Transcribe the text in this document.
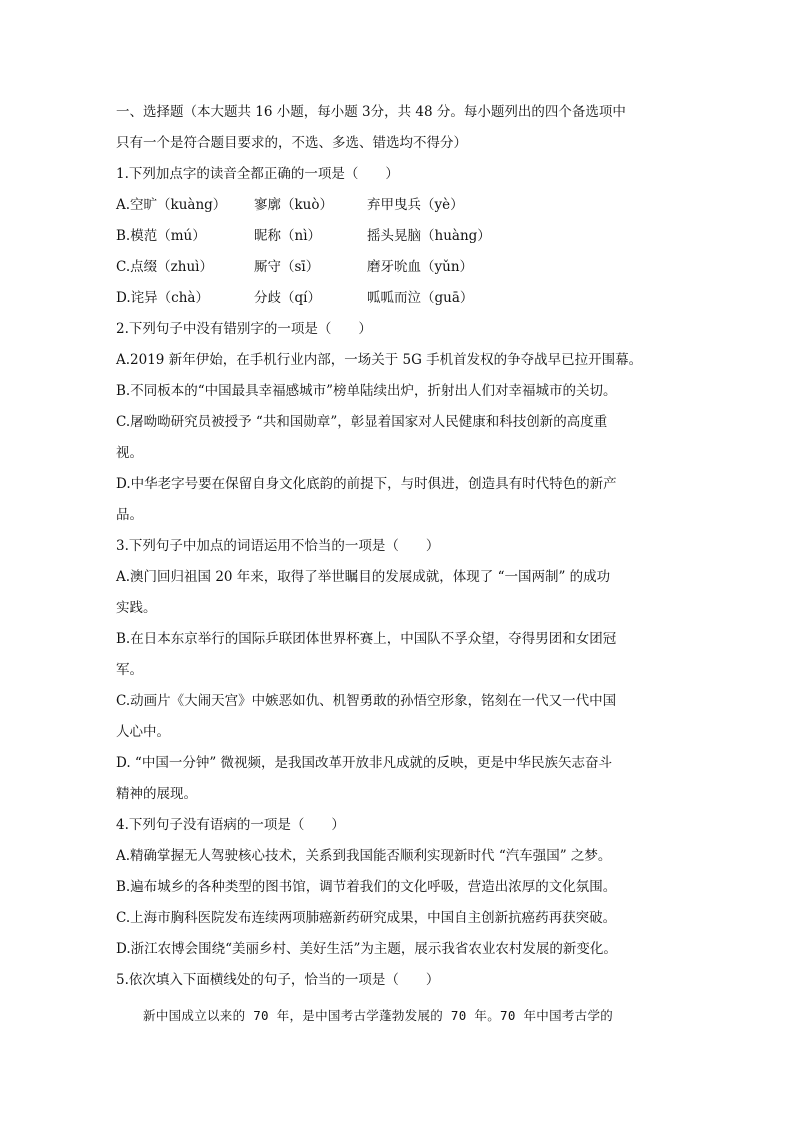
一、选择题（本大题共 16 小题，每小题 3分，共 48 分。每小题列出的四个备选项中
只有一个是符合题目要求的，不选、多选、错选均不得分）
1.下列加点字的读音全都正确的一项是（　　）
A.空旷（kuàng） 寥廓（kuò）	弃甲曳兵（yè）
B.模范（mú）	昵称（nì）	摇头晃脑（huàng）
C.点缀（zhuì）	厮守（sī）	磨牙吮血（yǔn）
D.诧异（chà）	分歧（qí）	呱呱而泣（guā）
2.下列句子中没有错别字的一项是（　　）
A.2019 新年伊始，在手机行业内部，一场关于 5G 手机首发权的争夺战早已拉开围幕。
B.不同板本的“中国最具幸福感城市”榜单陆续出炉，折射出人们对幸福城市的关切。
C.屠呦呦研究员被授予 “共和国勋章”，彰显着国家对人民健康和科技创新的高度重
视。
D.中华老字号要在保留自身文化底韵的前提下，与时俱进，创造具有时代特色的新产
品。
3.下列句子中加点的词语运用不恰当的一项是（　　）
A.澳门回归祖国 20 年来，取得了举世瞩目的发展成就，体现了 “一国两制” 的成功
实践。
B.在日本东京举行的国际乒联团体世界杯赛上，中国队不孚众望，夺得男团和女团冠
军。
C.动画片《大闹天宫》中嫉恶如仇、机智勇敢的孙悟空形象，铭刻在一代又一代中国
人心中。
D. “中国一分钟” 微视频，是我国改革开放非凡成就的反映，更是中华民族矢志奋斗
精神的展现。
4.下列句子没有语病的一项是（　　）
A.精确掌握无人驾驶核心技术，关系到我国能否顺利实现新时代 “汽车强国” 之梦。
B.遍布城乡的各种类型的图书馆，调节着我们的文化呼吸，营造出浓厚的文化氛围。
C.上海市胸科医院发布连续两项肺癌新药研究成果，中国自主创新抗癌药再获突破。
D.浙江农博会围绕“美丽乡村、美好生活”为主题，展示我省农业农村发展的新变化。
5.依次填入下面横线处的句子，恰当的一项是（　　）
新中国成立以来的 70 年，是中国考古学蓬勃发展的 70 年。70 年中国考古学的
